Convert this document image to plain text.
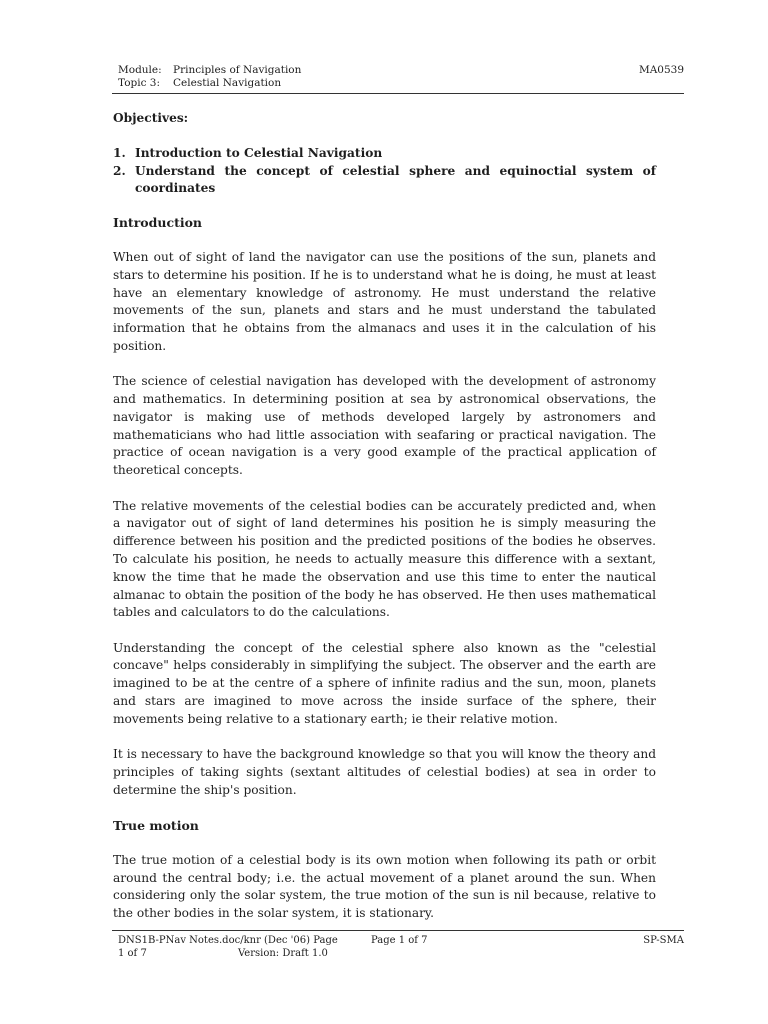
Module: Principles of Navigation	MA0539
Topic 3: Celestial Navigation
Objectives:
1. Introduction to Celestial Navigation
2. Understand the concept of celestial sphere and equinoctial system of coordinates
Introduction

When out of sight of land the navigator can use the positions of the sun, planets and stars to determine his position. If he is to understand what he is doing, he must at least have an elementary knowledge of astronomy. He must understand the relative movements of the sun, planets and stars and he must understand the tabulated information that he obtains from the almanacs and uses it in the calculation of his position.

The science of celestial navigation has developed with the development of astronomy and mathematics. In determining position at sea by astronomical observations, the navigator is making use of methods developed largely by astronomers and mathematicians who had little association with seafaring or practical navigation. The practice of ocean navigation is a very good example of the practical application of theoretical concepts.

The relative movements of the celestial bodies can be accurately predicted and, when a navigator out of sight of land determines his position he is simply measuring the difference between his position and the predicted positions of the bodies he observes. To calculate his position, he needs to actually measure this difference with a sextant, know the time that he made the observation and use this time to enter the nautical almanac to obtain the position of the body he has observed. He then uses mathematical tables and calculators to do the calculations.

Understanding the concept of the celestial sphere also known as the "celestial concave" helps considerably in simplifying the subject. The observer and the earth are imagined to be at the centre of a sphere of infinite radius and the sun, moon, planets and stars are imagined to move across the inside surface of the sphere, their movements being relative to a stationary earth; ie their relative motion.

It is necessary to have the background knowledge so that you will know the theory and principles of taking sights (sextant altitudes of celestial bodies) at sea in order to determine the ship's position.

True motion

The true motion of a celestial body is its own motion when following its path or orbit around the central body; i.e. the actual movement of a planet around the sun. When considering only the solar system, the true motion of the sun is nil because, relative to the other bodies in the solar system, it is stationary.

DNS1B-PNav Notes.doc/knr (Dec '06) Page	Page 1 of 7	SP-SMA
1 of 7	Version: Draft 1.0
